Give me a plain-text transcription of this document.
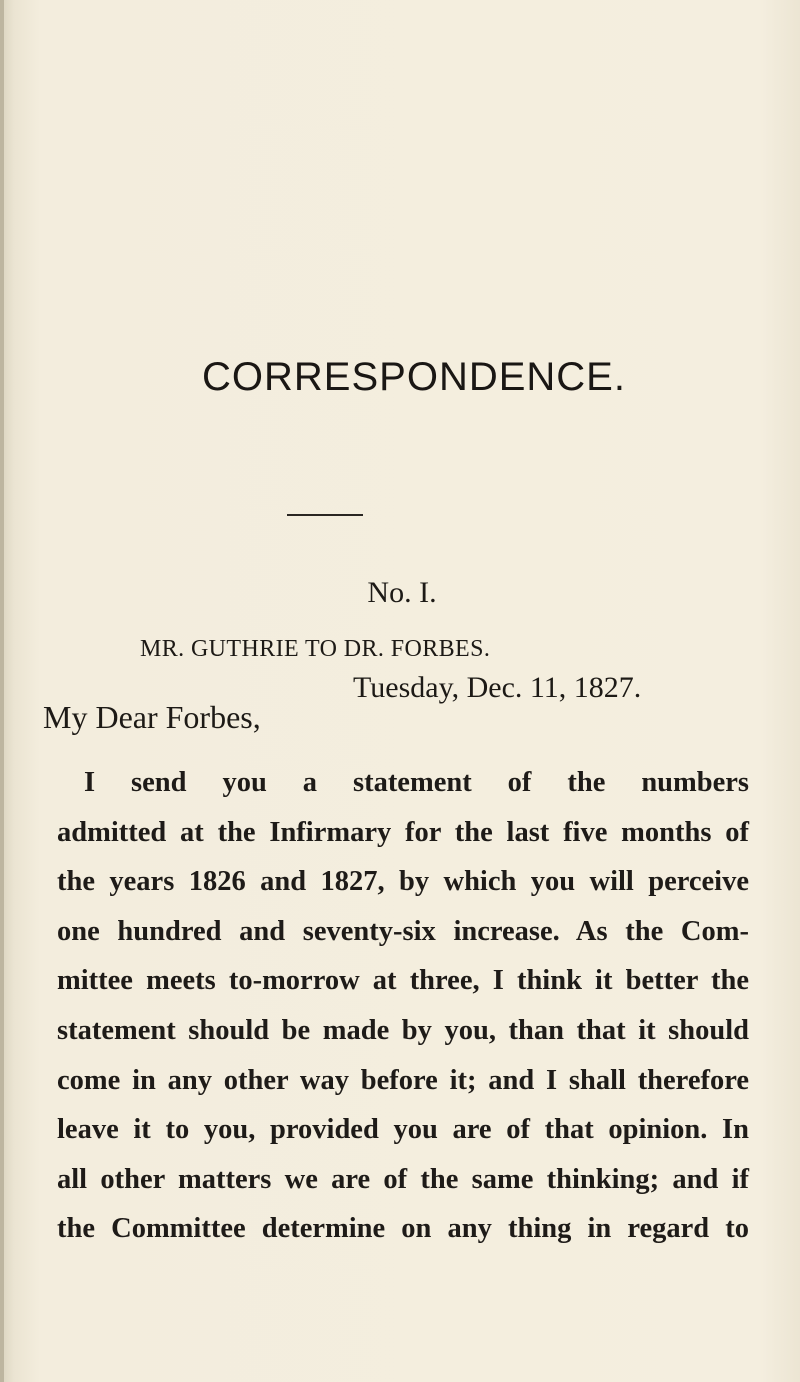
CORRESPONDENCE.
No. I.
MR. GUTHRIE TO DR. FORBES.
Tuesday, Dec. 11, 1827.
My Dear Forbes,
I send you a statement of the numbers
admitted at the Infirmary for the last five months of
the years 1826 and 1827, by which you will perceive
one hundred and seventy-six increase. As the Com-
mittee meets to-morrow at three, I think it better the
statement should be made by you, than that it should
come in any other way before it; and I shall therefore
leave it to you, provided you are of that opinion. In
all other matters we are of the same thinking; and if
the Committee determine on any thing in regard to
